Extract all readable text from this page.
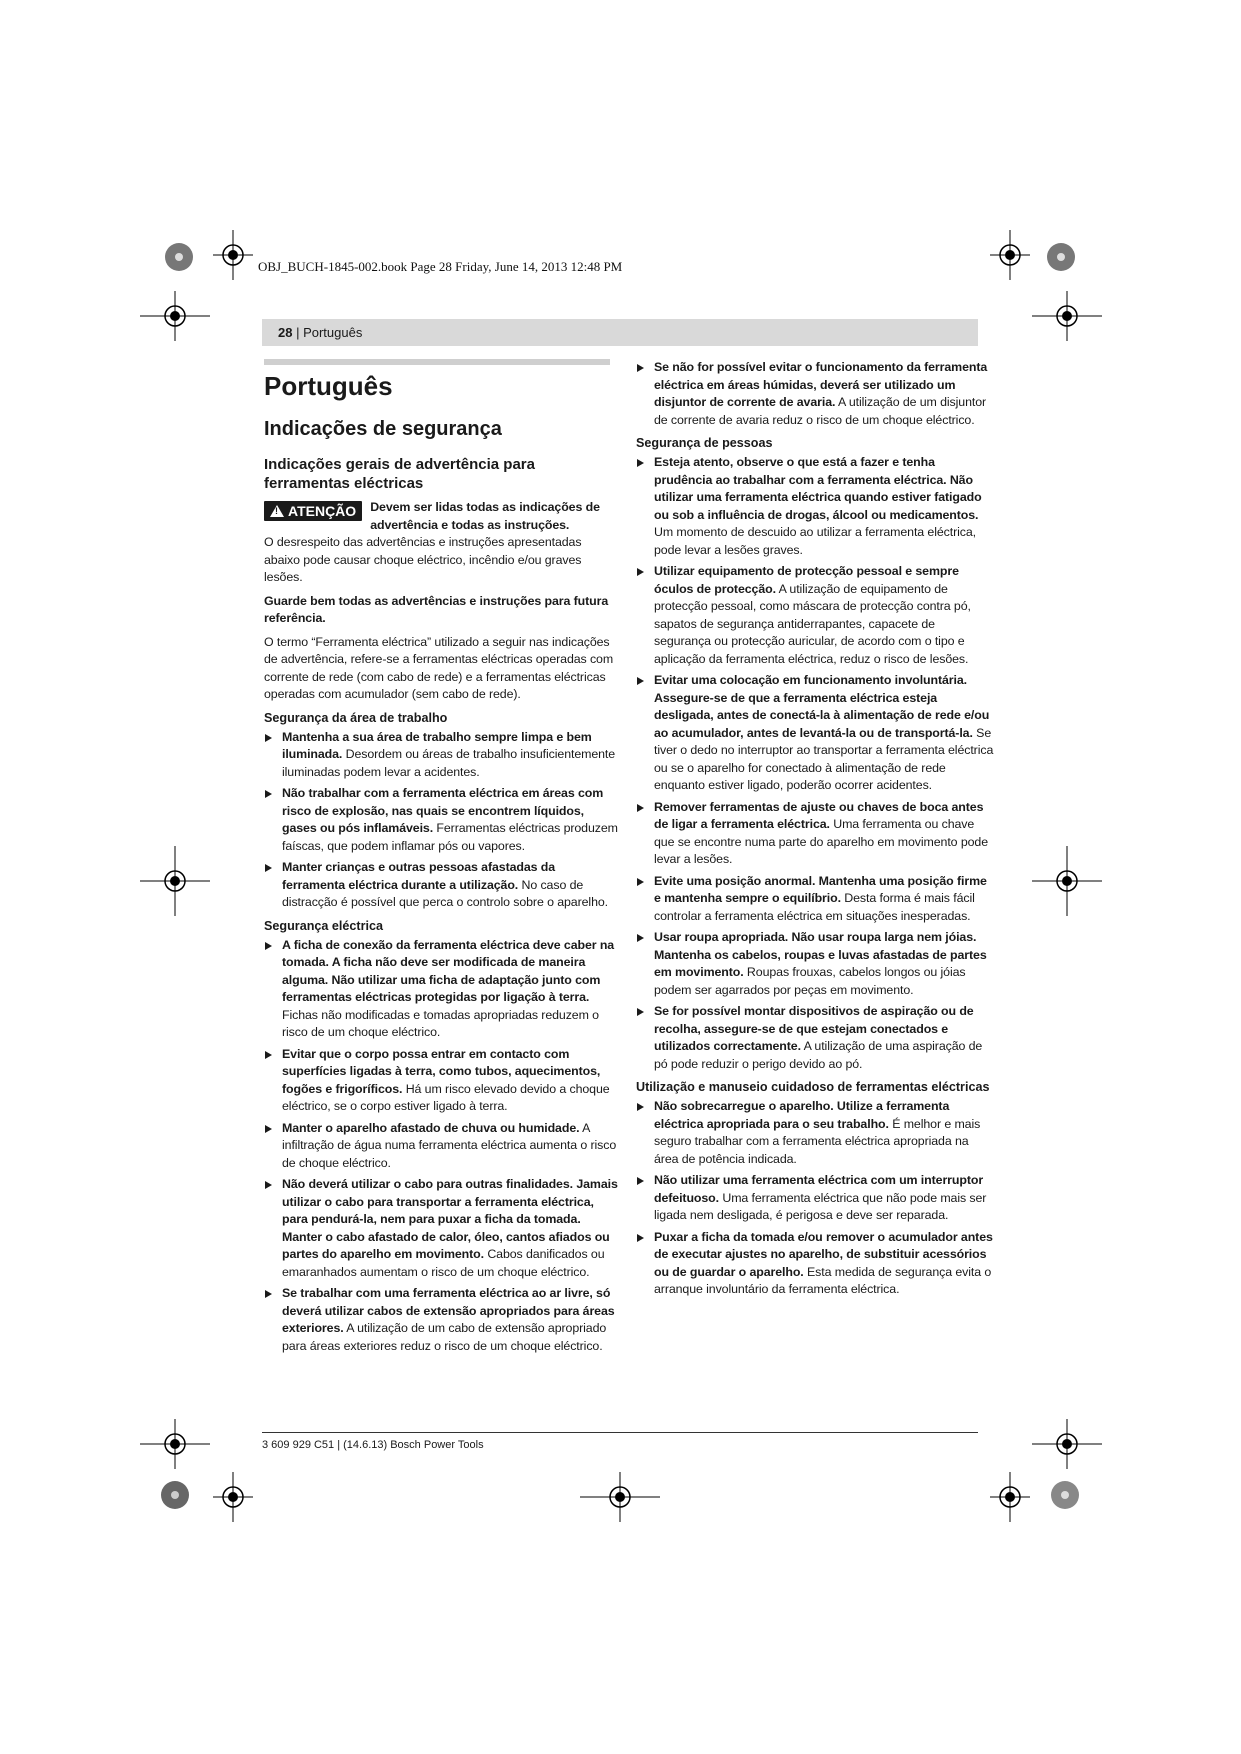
OBJ_BUCH-1845-002.book Page 28 Friday, June 14, 2013 12:48 PM
28 | Português
Português
Indicações de segurança
Indicações gerais de advertência para ferramentas eléctricas
! ATENÇÃO Devem ser lidas todas as indicações de advertência e todas as instruções.

O desrespeito das advertências e instruções apresentadas abaixo pode causar choque eléctrico, incêndio e/ou graves lesões.

Guarde bem todas as advertências e instruções para futura referência.

O termo “Ferramenta eléctrica” utilizado a seguir nas indicações de advertência, refere-se a ferramentas eléctricas operadas com corrente de rede (com cabo de rede) e a ferramentas eléctricas operadas com acumulador (sem cabo de rede).

Segurança da área de trabalho
Mantenha a sua área de trabalho sempre limpa e bem iluminada. Desordem ou áreas de trabalho insuficientemente iluminadas podem levar a acidentes.
Não trabalhar com a ferramenta eléctrica em áreas com risco de explosão, nas quais se encontrem líquidos, gases ou pós inflamáveis. Ferramentas eléctricas produzem faíscas, que podem inflamar pós ou vapores.
Manter crianças e outras pessoas afastadas da ferramenta eléctrica durante a utilização. No caso de distracção é possível que perca o controlo sobre o aparelho.
Segurança eléctrica
A ficha de conexão da ferramenta eléctrica deve caber na tomada. A ficha não deve ser modificada de maneira alguma. Não utilizar uma ficha de adaptação junto com ferramentas eléctricas protegidas por ligação à terra. Fichas não modificadas e tomadas apropriadas reduzem o risco de um choque eléctrico.
Evitar que o corpo possa entrar em contacto com superfícies ligadas à terra, como tubos, aquecimentos, fogões e frigoríficos. Há um risco elevado devido a choque eléctrico, se o corpo estiver ligado à terra.
Manter o aparelho afastado de chuva ou humidade. A infiltração de água numa ferramenta eléctrica aumenta o risco de choque eléctrico.
Não deverá utilizar o cabo para outras finalidades. Jamais utilizar o cabo para transportar a ferramenta eléctrica, para pendurá-la, nem para puxar a ficha da tomada. Manter o cabo afastado de calor, óleo, cantos afiados ou partes do aparelho em movimento. Cabos danificados ou emaranhados aumentam o risco de um choque eléctrico.
Se trabalhar com uma ferramenta eléctrica ao ar livre, só deverá utilizar cabos de extensão apropriados para áreas exteriores. A utilização de um cabo de extensão apropriado para áreas exteriores reduz o risco de um choque eléctrico.
Se não for possível evitar o funcionamento da ferramenta eléctrica em áreas húmidas, deverá ser utilizado um disjuntor de corrente de avaria. A utilização de um disjuntor de corrente de avaria reduz o risco de um choque eléctrico.
Segurança de pessoas
Esteja atento, observe o que está a fazer e tenha prudência ao trabalhar com a ferramenta eléctrica. Não utilizar uma ferramenta eléctrica quando estiver fatigado ou sob a influência de drogas, álcool ou medicamentos. Um momento de descuido ao utilizar a ferramenta eléctrica, pode levar a lesões graves.
Utilizar equipamento de protecção pessoal e sempre óculos de protecção. A utilização de equipamento de protecção pessoal, como máscara de protecção contra pó, sapatos de segurança antiderrapantes, capacete de segurança ou protecção auricular, de acordo com o tipo e aplicação da ferramenta eléctrica, reduz o risco de lesões.
Evitar uma colocação em funcionamento involuntária. Assegure-se de que a ferramenta eléctrica esteja desligada, antes de conectá-la à alimentação de rede e/ou ao acumulador, antes de levantá-la ou de transportá-la. Se tiver o dedo no interruptor ao transportar a ferramenta eléctrica ou se o aparelho for conectado à alimentação de rede enquanto estiver ligado, poderão ocorrer acidentes.
Remover ferramentas de ajuste ou chaves de boca antes de ligar a ferramenta eléctrica. Uma ferramenta ou chave que se encontre numa parte do aparelho em movimento pode levar a lesões.
Evite uma posição anormal. Mantenha uma posição firme e mantenha sempre o equilíbrio. Desta forma é mais fácil controlar a ferramenta eléctrica em situações inesperadas.
Usar roupa apropriada. Não usar roupa larga nem jóias. Mantenha os cabelos, roupas e luvas afastadas de partes em movimento. Roupas frouxas, cabelos longos ou jóias podem ser agarrados por peças em movimento.
Se for possível montar dispositivos de aspiração ou de recolha, assegure-se de que estejam conectados e utilizados correctamente. A utilização de uma aspiração de pó pode reduzir o perigo devido ao pó.
Utilização e manuseio cuidadoso de ferramentas eléctricas
Não sobrecarregue o aparelho. Utilize a ferramenta eléctrica apropriada para o seu trabalho. É melhor e mais seguro trabalhar com a ferramenta eléctrica apropriada na área de potência indicada.
Não utilizar uma ferramenta eléctrica com um interruptor defeituoso. Uma ferramenta eléctrica que não pode mais ser ligada nem desligada, é perigosa e deve ser reparada.
Puxar a ficha da tomada e/ou remover o acumulador antes de executar ajustes no aparelho, de substituir acessórios ou de guardar o aparelho. Esta medida de segurança evita o arranque involuntário da ferramenta eléctrica.
3 609 929 C51 | (14.6.13) Bosch Power Tools
